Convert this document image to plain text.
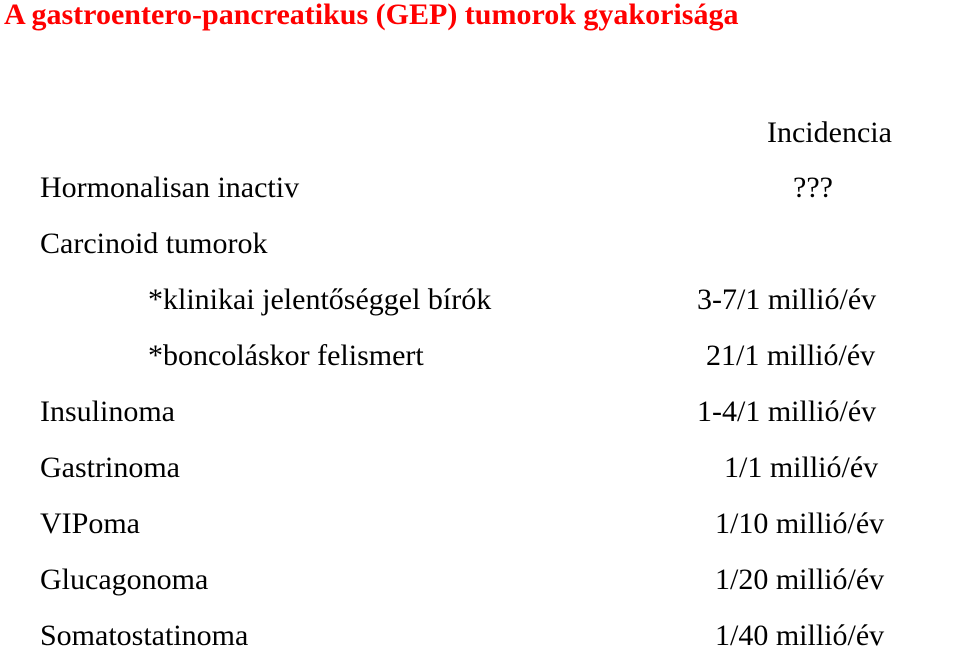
A gastroentero-pancreatikus (GEP) tumorok gyakorisága
Incidencia
Hormonalisan inactiv	???
Carcinoid tumorok
*klinikai jelentőséggel bírók	3-7/1 millió/év
*boncoláskor felismert	21/1 millió/év
Insulinoma	1-4/1 millió/év
Gastrinoma	1/1 millió/év
VIPoma	1/10 millió/év
Glucagonoma	1/20 millió/év
Somatostatinoma	1/40 millió/év
